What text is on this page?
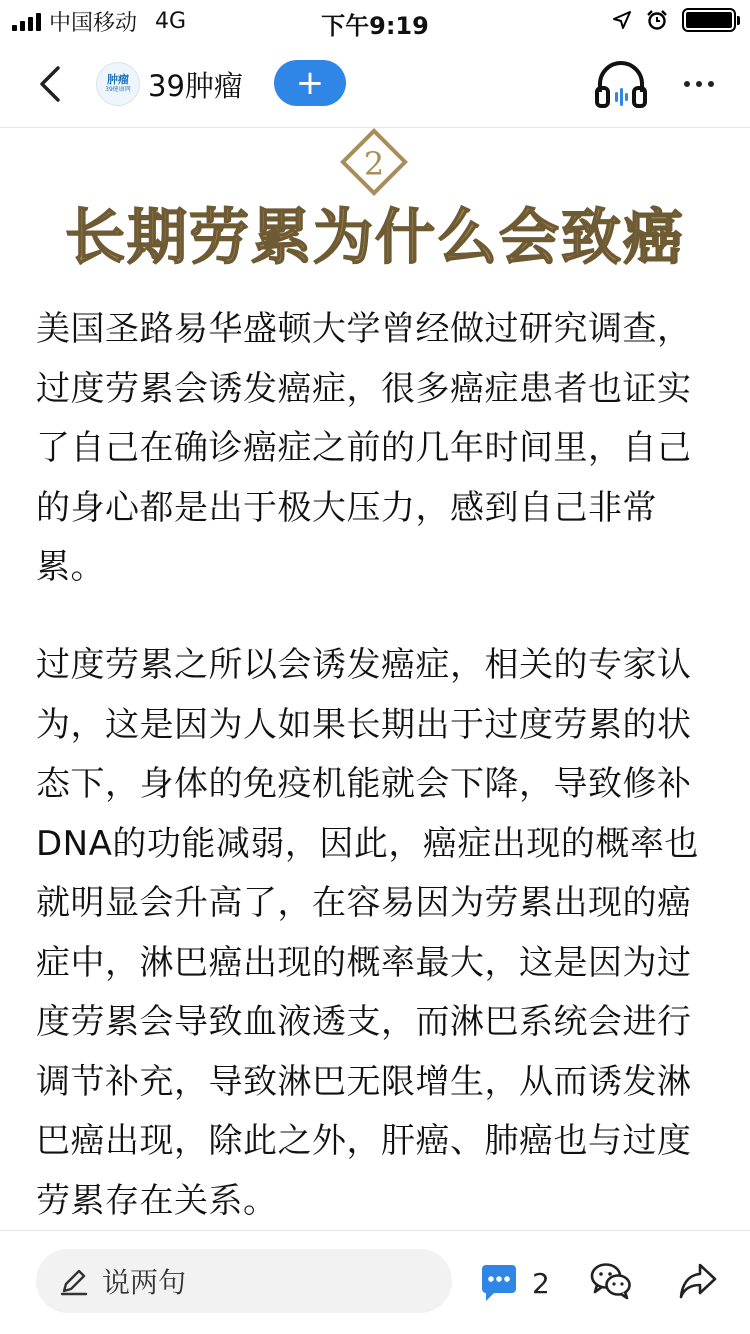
中国移动 4G	下午9:19
肿瘤
39健康网 39肿瘤	+
2
长期劳累为什么会致癌

美国圣路易华盛顿大学曾经做过研究调查，过度劳累会诱发癌症，很多癌症患者也证实了自己在确诊癌症之前的几年时间里，自己的身心都是出于极大压力，感到自己非常累。

过度劳累之所以会诱发癌症，相关的专家认为，这是因为人如果长期出于过度劳累的状态下，身体的免疫机能就会下降，导致修补DNA的功能减弱，因此，癌症出现的概率也就明显会升高了，在容易因为劳累出现的癌症中，淋巴癌出现的概率最大，这是因为过度劳累会导致血液透支，而淋巴系统会进行调节补充，导致淋巴无限增生，从而诱发淋巴癌出现，除此之外，肝癌、肺癌也与过度劳累存在关系。

说两句	2
